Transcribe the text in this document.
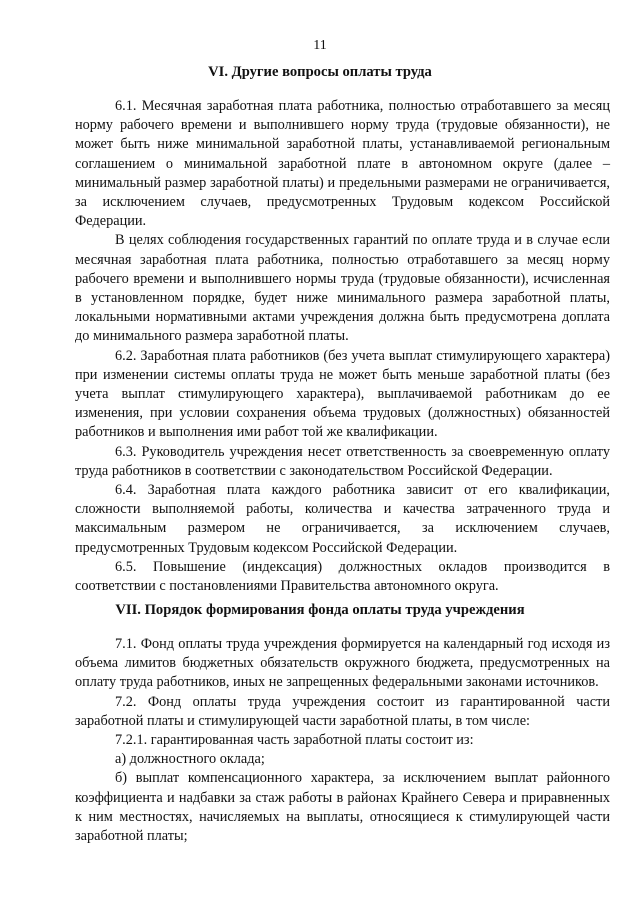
11
VI. Другие вопросы оплаты труда

6.1. Месячная заработная плата работника, полностью отработавшего за месяц норму рабочего времени и выполнившего норму труда (трудовые обязанности), не может быть ниже минимальной заработной платы, устанавливаемой региональным соглашением о минимальной заработной плате в автономном округе (далее – минимальный размер заработной платы) и предельными размерами не ограничивается, за исключением случаев, предусмотренных Трудовым кодексом Российской Федерации.

В целях соблюдения государственных гарантий по оплате труда и в случае если месячная заработная плата работника, полностью отработавшего за месяц норму рабочего времени и выполнившего нормы труда (трудовые обязанности), исчисленная в установленном порядке, будет ниже минимального размера заработной платы, локальными нормативными актами учреждения должна быть предусмотрена доплата до минимального размера заработной платы.

6.2. Заработная плата работников (без учета выплат стимулирующего характера) при изменении системы оплаты труда не может быть меньше заработной платы (без учета выплат стимулирующего характера), выплачиваемой работникам до ее изменения, при условии сохранения объема трудовых (должностных) обязанностей работников и выполнения ими работ той же квалификации.

6.3. Руководитель учреждения несет ответственность за своевременную оплату труда работников в соответствии с законодательством Российской Федерации.

6.4. Заработная плата каждого работника зависит от его квалификации, сложности выполняемой работы, количества и качества затраченного труда и максимальным размером не ограничивается, за исключением случаев, предусмотренных Трудовым кодексом Российской Федерации.

6.5. Повышение (индексация) должностных окладов производится в соответствии с постановлениями Правительства автономного округа.

VII. Порядок формирования фонда оплаты труда учреждения

7.1. Фонд оплаты труда учреждения формируется на календарный год исходя из объема лимитов бюджетных обязательств окружного бюджета, предусмотренных на оплату труда работников, иных не запрещенных федеральными законами источников.

7.2. Фонд оплаты труда учреждения состоит из гарантированной части заработной платы и стимулирующей части заработной платы, в том числе:

7.2.1. гарантированная часть заработной платы состоит из:

а) должностного оклада;

б) выплат компенсационного характера, за исключением выплат районного коэффициента и надбавки за стаж работы в районах Крайнего Севера и приравненных к ним местностях, начисляемых на выплаты, относящиеся к стимулирующей части заработной платы;
